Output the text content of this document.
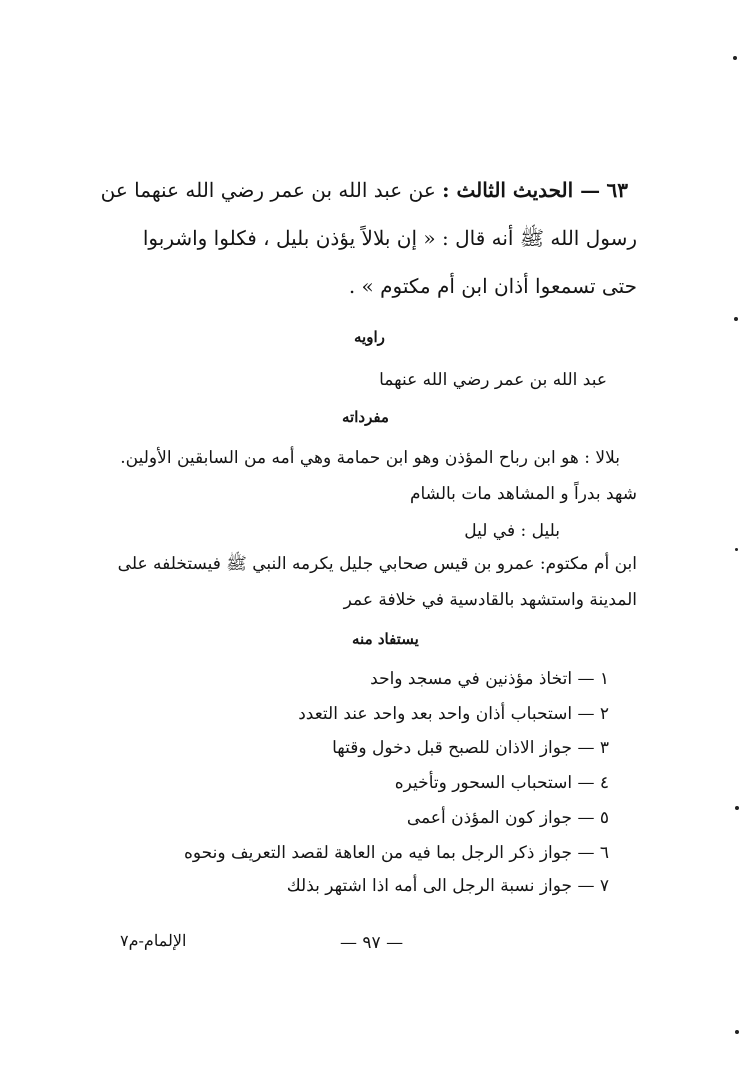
٦٣ — الحديث الثالث : عن عبد الله بن عمر رضي الله عنهما عن
رسول الله ﷺ أنه قال : « إن بلالاً يؤذن بليل ، فكلوا واشربوا
حتى تسمعوا أذان ابن أم مكتوم » .
راويه
عبد الله بن عمر رضي الله عنهما
مفرداته
بلالا : هو ابن رباح المؤذن وهو ابن حمامة وهي أمه من السابقين الأولين.
شهد بدراً و المشاهد مات بالشام
بليل : في ليل
ابن أم مكتوم: عمرو بن قيس صحابي جليل يكرمه النبي ﷺ فيستخلفه على
المدينة واستشهد بالقادسية في خلافة عمر
يستفاد منه
١ — اتخاذ مؤذنين في مسجد واحد
٢ — استحباب أذان واحد بعد واحد عند التعدد
٣ — جواز الاذان للصبح قبل دخول وقتها
٤ — استحباب السحور وتأخيره
٥ — جواز كون المؤذن أعمى
٦ — جواز ذكر الرجل بما فيه من العاهة لقصد التعريف ونحوه
٧ — جواز نسبة الرجل الى أمه اذا اشتهر بذلك
— ٩٧ —
الإلمام-م٧
